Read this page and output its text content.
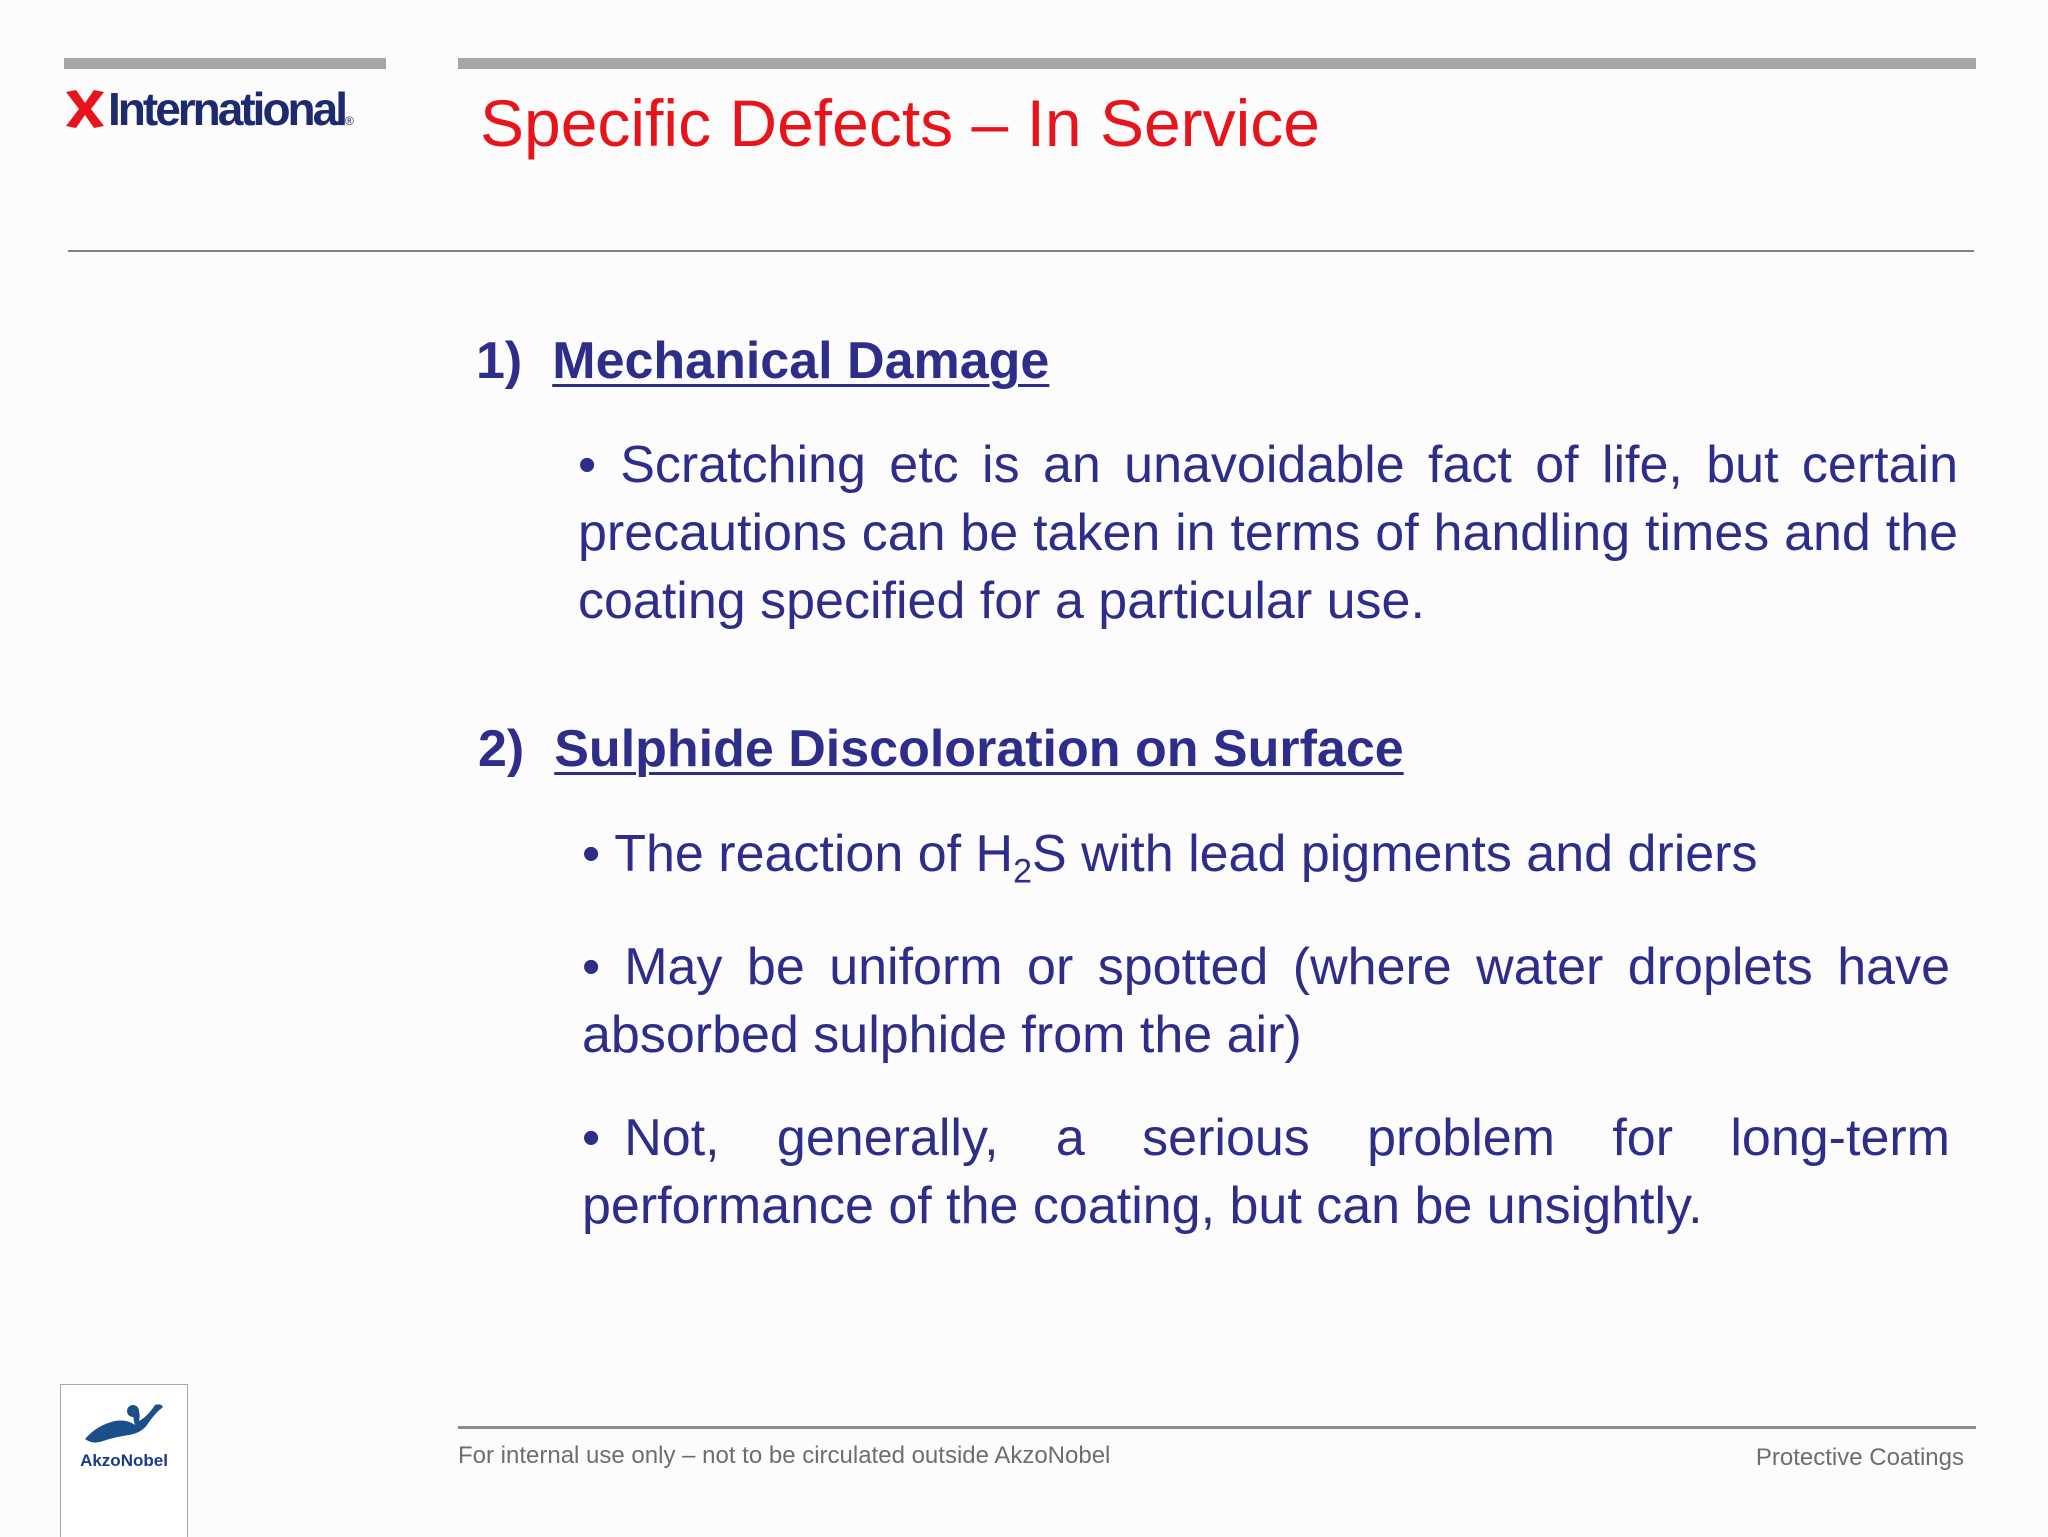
International ® Specific Defects – In Service
1) Mechanical Damage

• Scratching etc is an unavoidable fact of life, but certain precautions can be taken in terms of handling times and the coating specified for a particular use.

2) Sulphide Discoloration on Surface

• The reaction of $H_2S$ with lead pigments and driers

• May be uniform or spotted (where water droplets have absorbed sulphide from the air)

• Not, generally, a serious problem for long-term performance of the coating, but can be unsightly.

AkzoNobel	For internal use only – not to be circulated outside AkzoNobel	Protective Coatings
